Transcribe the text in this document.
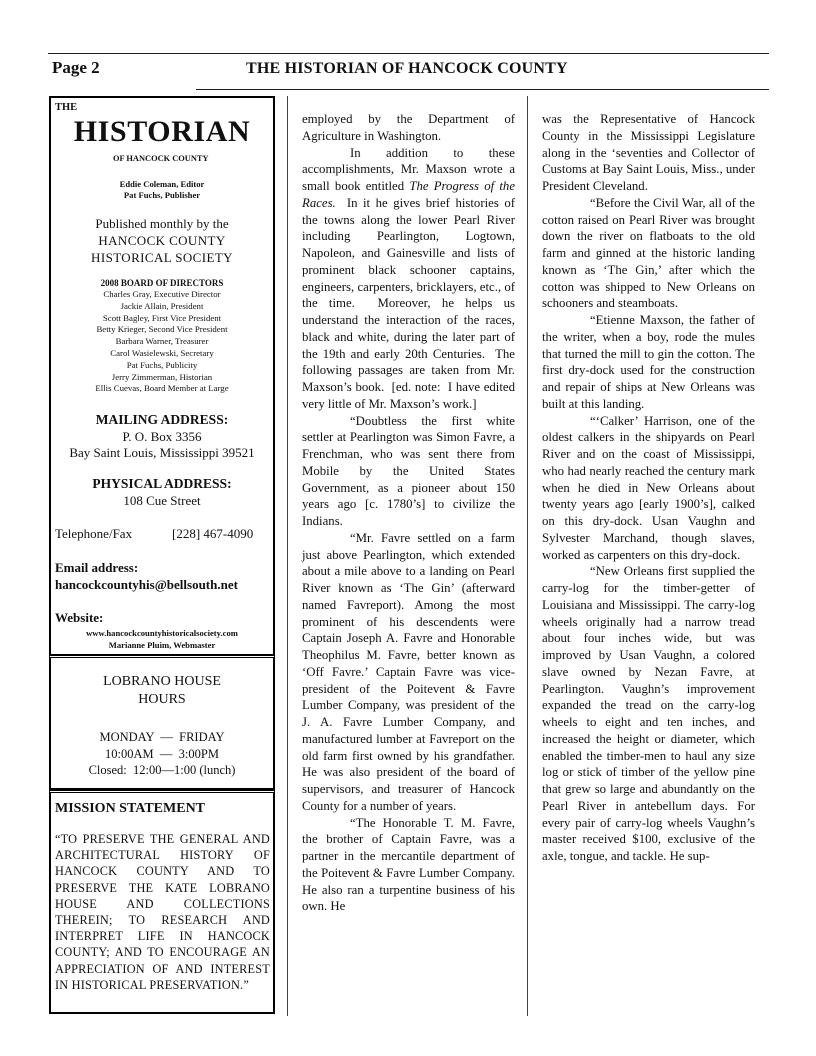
Page 2	THE HISTORIAN OF HANCOCK COUNTY
THE
HISTORIAN
OF HANCOCK COUNTY
Eddie Coleman, Editor
Pat Fuchs, Publisher
Published monthly by the
HANCOCK COUNTY
HISTORICAL SOCIETY
2008 BOARD OF DIRECTORS
Charles Gray, Executive Director
Jackie Allain, President
Scott Bagley, First Vice President
Betty Krieger, Second Vice President
Barbara Warner, Treasurer
Carol Wasielewski, Secretary
Pat Fuchs, Publicity
Jerry Zimmerman, Historian
Ellis Cuevas, Board Member at Large
MAILING ADDRESS:
P. O. Box 3356
Bay Saint Louis, Mississippi 39521
PHYSICAL ADDRESS:
108 Cue Street
Telephone/Fax	[228] 467-4090
Email address:
hancockcountyhis@bellsouth.net
Website:
www.hancockcountyhistoricalsociety.com
Marianne Pluim, Webmaster
LOBRANO HOUSE
HOURS
MONDAY  —  FRIDAY
10:00AM  —  3:00PM
Closed:  12:00—1:00 (lunch)
MISSION STATEMENT
“TO PRESERVE THE GENERAL AND ARCHITECTURAL HISTORY OF HANCOCK COUNTY AND TO PRESERVE THE KATE LOBRANO HOUSE AND COLLECTIONS THEREIN; TO RESEARCH AND INTERPRET LIFE IN HANCOCK COUNTY; AND TO ENCOURAGE AN APPRECIATION OF AND INTEREST IN HISTORICAL PRESERVATION.”

employed by the Department of Agriculture in Washington.

In addition to these accomplishments, Mr. Maxson wrote a small book entitled The Progress of the Races.  In it he gives brief histories of the towns along the lower Pearl River including Pearlington, Logtown, Napoleon, and Gainesville and lists of prominent black schooner captains, engineers, carpenters, bricklayers, etc., of the time.  Moreover, he helps us understand the interaction of the races, black and white, during the later part of the 19th and early 20th Centuries.  The following passages are taken from Mr. Maxson’s book.  [ed. note:  I have edited very little of Mr. Maxson’s work.]

“Doubtless the first white settler at Pearlington was Simon Favre, a Frenchman, who was sent there from Mobile by the United States Government, as a pioneer about 150 years ago [c. 1780’s] to civilize the Indians.

“Mr. Favre settled on a farm just above Pearlington, which extended about a mile above to a landing on Pearl River known as ‘The Gin’ (afterward named Favreport). Among the most prominent of his descendents were Captain Joseph A. Favre and Honorable Theophilus M. Favre, better known as ‘Off Favre.’ Captain Favre was vice-president of the Poitevent & Favre Lumber Company, was president of the J. A. Favre Lumber Company, and manufactured lumber at Favreport on the old farm first owned by his grandfather. He was also president of the board of supervisors, and treasurer of Hancock County for a number of years.

“The Honorable T. M. Favre, the brother of Captain Favre, was a partner in the mercantile department of the Poitevent & Favre Lumber Company. He also ran a turpentine business of his own. He

was the Representative of Hancock County in the Mississippi Legislature along in the ‘seventies and Collector of Customs at Bay Saint Louis, Miss., under President Cleveland.

“Before the Civil War, all of the cotton raised on Pearl River was brought down the river on flatboats to the old farm and ginned at the historic landing known as ‘The Gin,’ after which the cotton was shipped to New Orleans on schooners and steamboats.

“Etienne Maxson, the father of the writer, when a boy, rode the mules that turned the mill to gin the cotton. The first dry-dock used for the construction and repair of ships at New Orleans was built at this landing.

“‘Calker’ Harrison, one of the oldest calkers in the shipyards on Pearl River and on the coast of Mississippi, who had nearly reached the century mark when he died in New Orleans about twenty years ago [early 1900’s], calked on this dry-dock. Usan Vaughn and Sylvester Marchand, though slaves, worked as carpenters on this dry-dock.

“New Orleans first supplied the carry-log for the timber-getter of Louisiana and Mississippi. The carry-log wheels originally had a narrow tread about four inches wide, but was improved by Usan Vaughn, a colored slave owned by Nezan Favre, at Pearlington. Vaughn’s improvement expanded the tread on the carry-log wheels to eight and ten inches, and increased the height or diameter, which enabled the timber-men to haul any size log or stick of timber of the yellow pine that grew so large and abundantly on the Pearl River in antebellum days. For every pair of carry-log wheels Vaughn’s master received $100, exclusive of the axle, tongue, and tackle. He sup-
